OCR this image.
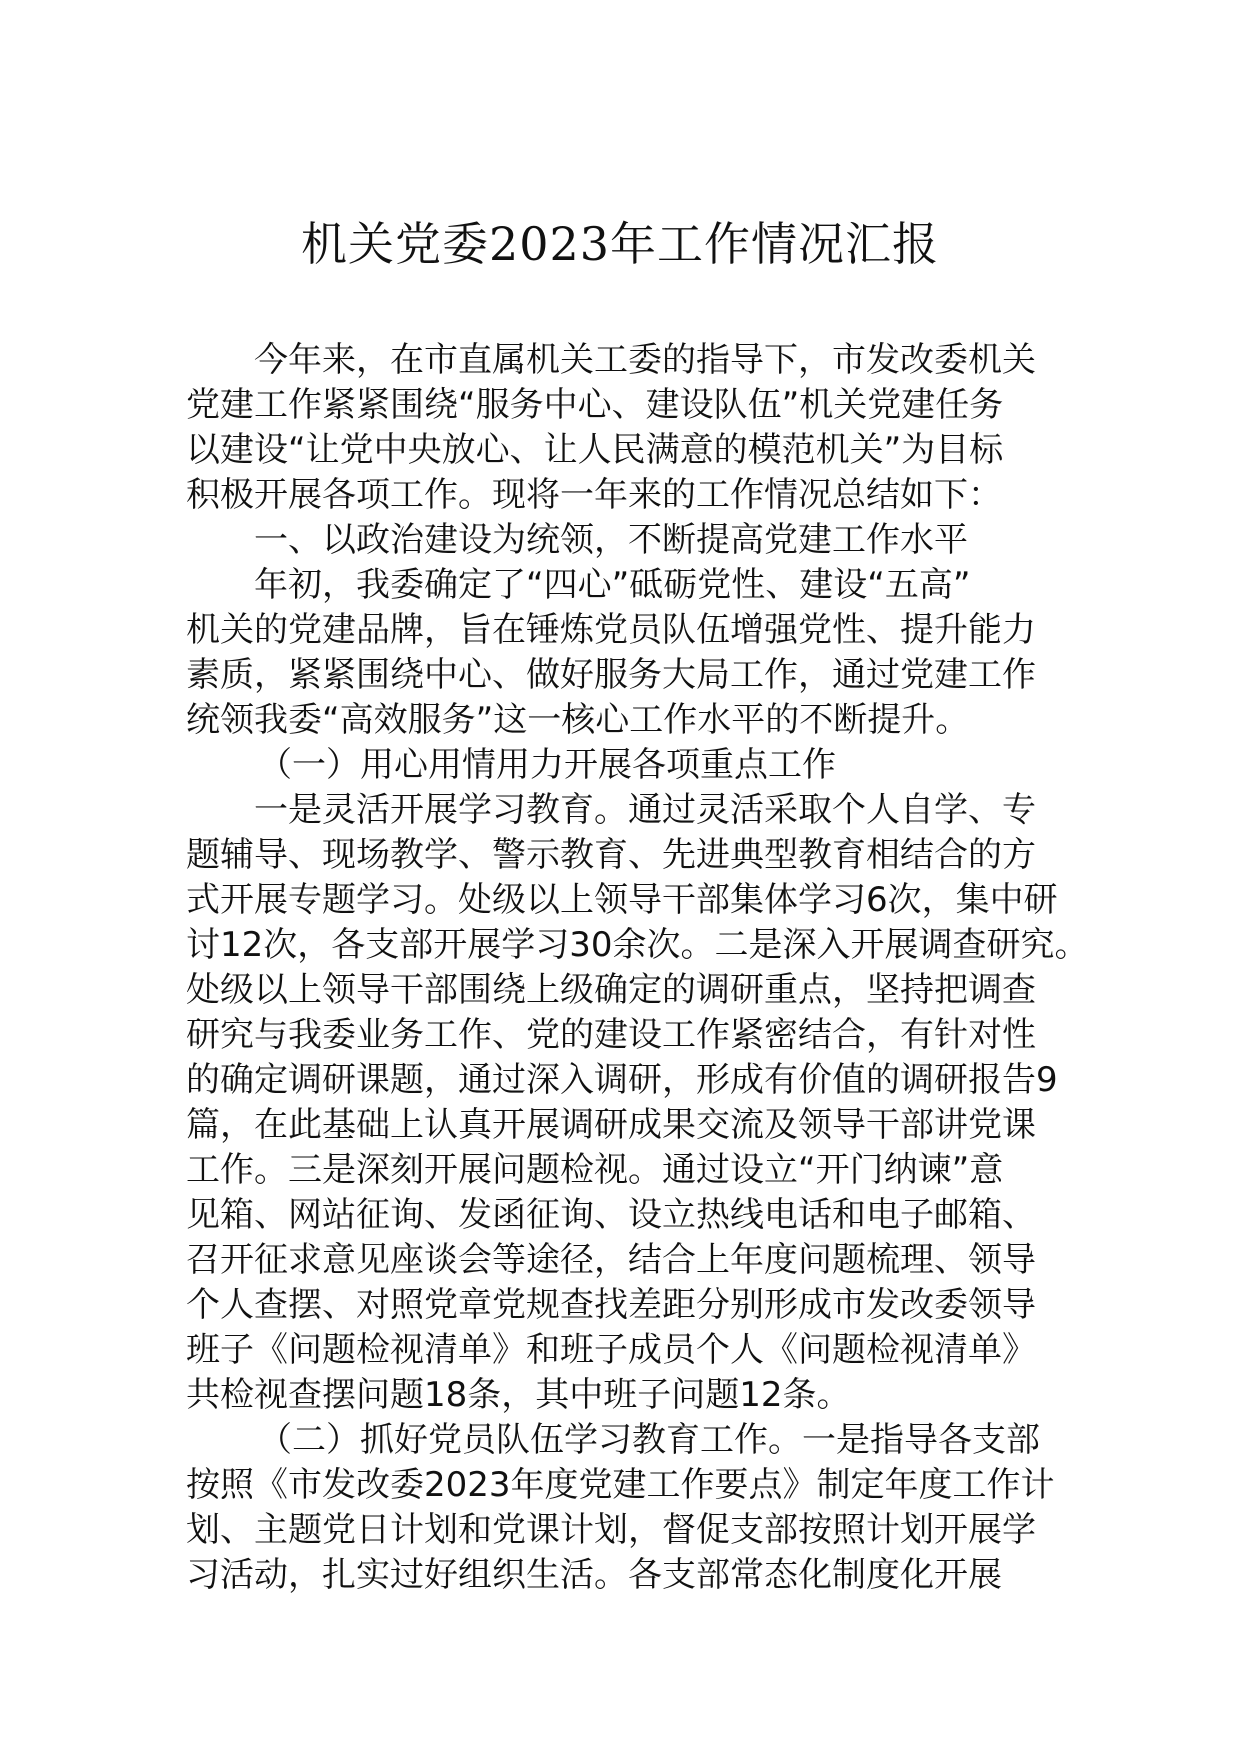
机关党委2023年工作情况汇报
今年来，在市直属机关工委的指导下，市发改委机关
党建工作紧紧围绕“服务中心、建设队伍”机关党建任务
以建设“让党中央放心、让人民满意的模范机关”为目标
积极开展各项工作。现将一年来的工作情况总结如下：
一、以政治建设为统领，不断提高党建工作水平
年初，我委确定了“四心”砥砺党性、建设“五高”
机关的党建品牌，旨在锤炼党员队伍增强党性、提升能力
素质，紧紧围绕中心、做好服务大局工作，通过党建工作
统领我委“高效服务”这一核心工作水平的不断提升。
（一）用心用情用力开展各项重点工作
一是灵活开展学习教育。通过灵活采取个人自学、专
题辅导、现场教学、警示教育、先进典型教育相结合的方
式开展专题学习。处级以上领导干部集体学习6次，集中研
讨12次，各支部开展学习30余次。二是深入开展调查研究。
处级以上领导干部围绕上级确定的调研重点，坚持把调查
研究与我委业务工作、党的建设工作紧密结合，有针对性
的确定调研课题，通过深入调研，形成有价值的调研报告9
篇，在此基础上认真开展调研成果交流及领导干部讲党课
工作。三是深刻开展问题检视。通过设立“开门纳谏”意
见箱、网站征询、发函征询、设立热线电话和电子邮箱、
召开征求意见座谈会等途径，结合上年度问题梳理、领导
个人查摆、对照党章党规查找差距分别形成市发改委领导
班子《问题检视清单》和班子成员个人《问题检视清单》
共检视查摆问题18条，其中班子问题12条。
（二）抓好党员队伍学习教育工作。一是指导各支部
按照《市发改委2023年度党建工作要点》制定年度工作计
划、主题党日计划和党课计划，督促支部按照计划开展学
习活动，扎实过好组织生活。各支部常态化制度化开展
